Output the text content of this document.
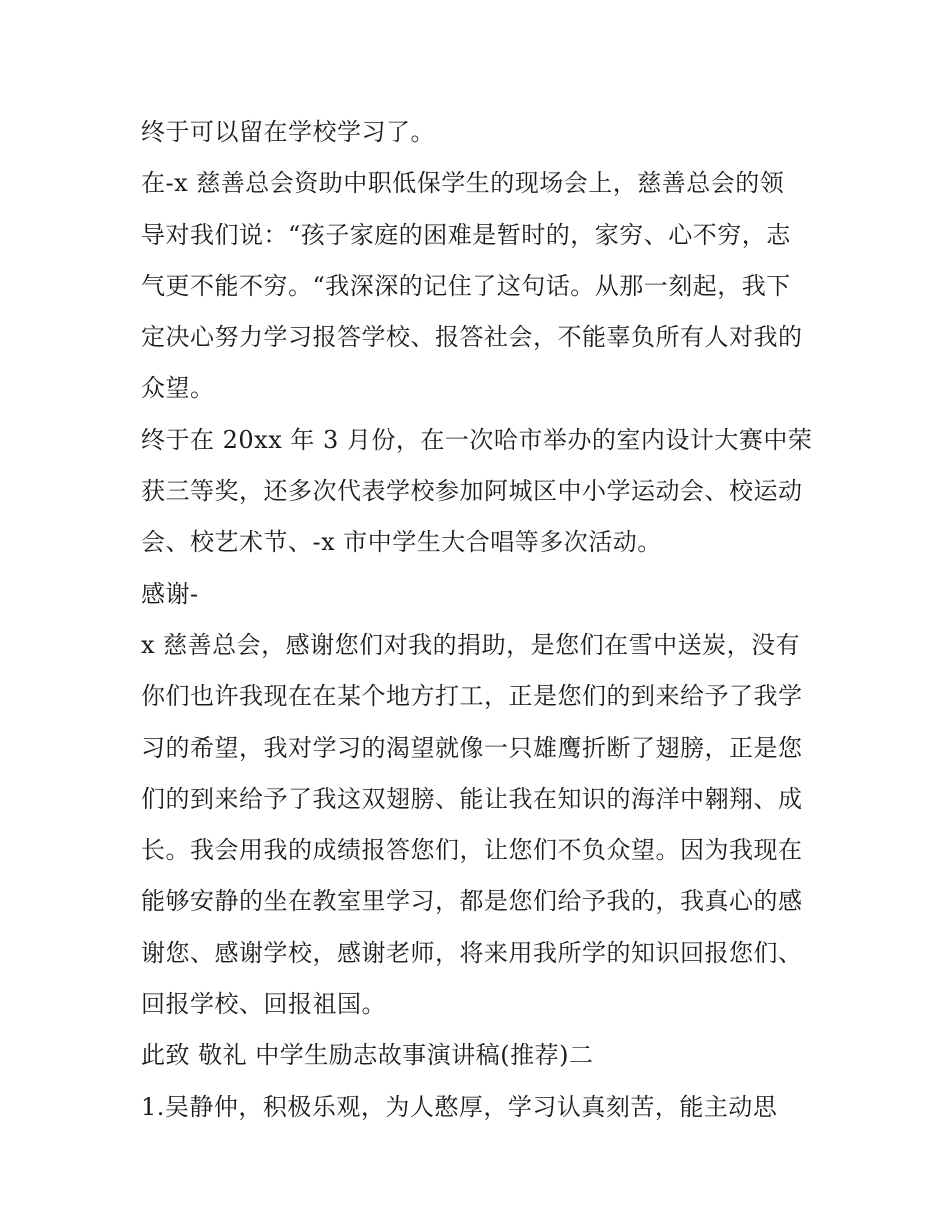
终于可以留在学校学习了。
在-x 慈善总会资助中职低保学生的现场会上，慈善总会的领
导对我们说：“孩子家庭的困难是暂时的，家穷、心不穷，志
气更不能不穷。“我深深的记住了这句话。从那一刻起，我下
定决心努力学习报答学校、报答社会，不能辜负所有人对我的
众望。
终于在 20xx 年 3 月份，在一次哈市举办的室内设计大赛中荣
获三等奖，还多次代表学校参加阿城区中小学运动会、校运动
会、校艺术节、-x 市中学生大合唱等多次活动。
感谢-
x 慈善总会，感谢您们对我的捐助，是您们在雪中送炭，没有
你们也许我现在在某个地方打工，正是您们的到来给予了我学
习的希望，我对学习的渴望就像一只雄鹰折断了翅膀，正是您
们的到来给予了我这双翅膀、能让我在知识的海洋中翱翔、成
长。我会用我的成绩报答您们，让您们不负众望。因为我现在
能够安静的坐在教室里学习，都是您们给予我的，我真心的感
谢您、感谢学校，感谢老师，将来用我所学的知识回报您们、
回报学校、回报祖国。
此致 敬礼 中学生励志故事演讲稿(推荐)二
1.吴静仲，积极乐观，为人憨厚，学习认真刻苦，能主动思
